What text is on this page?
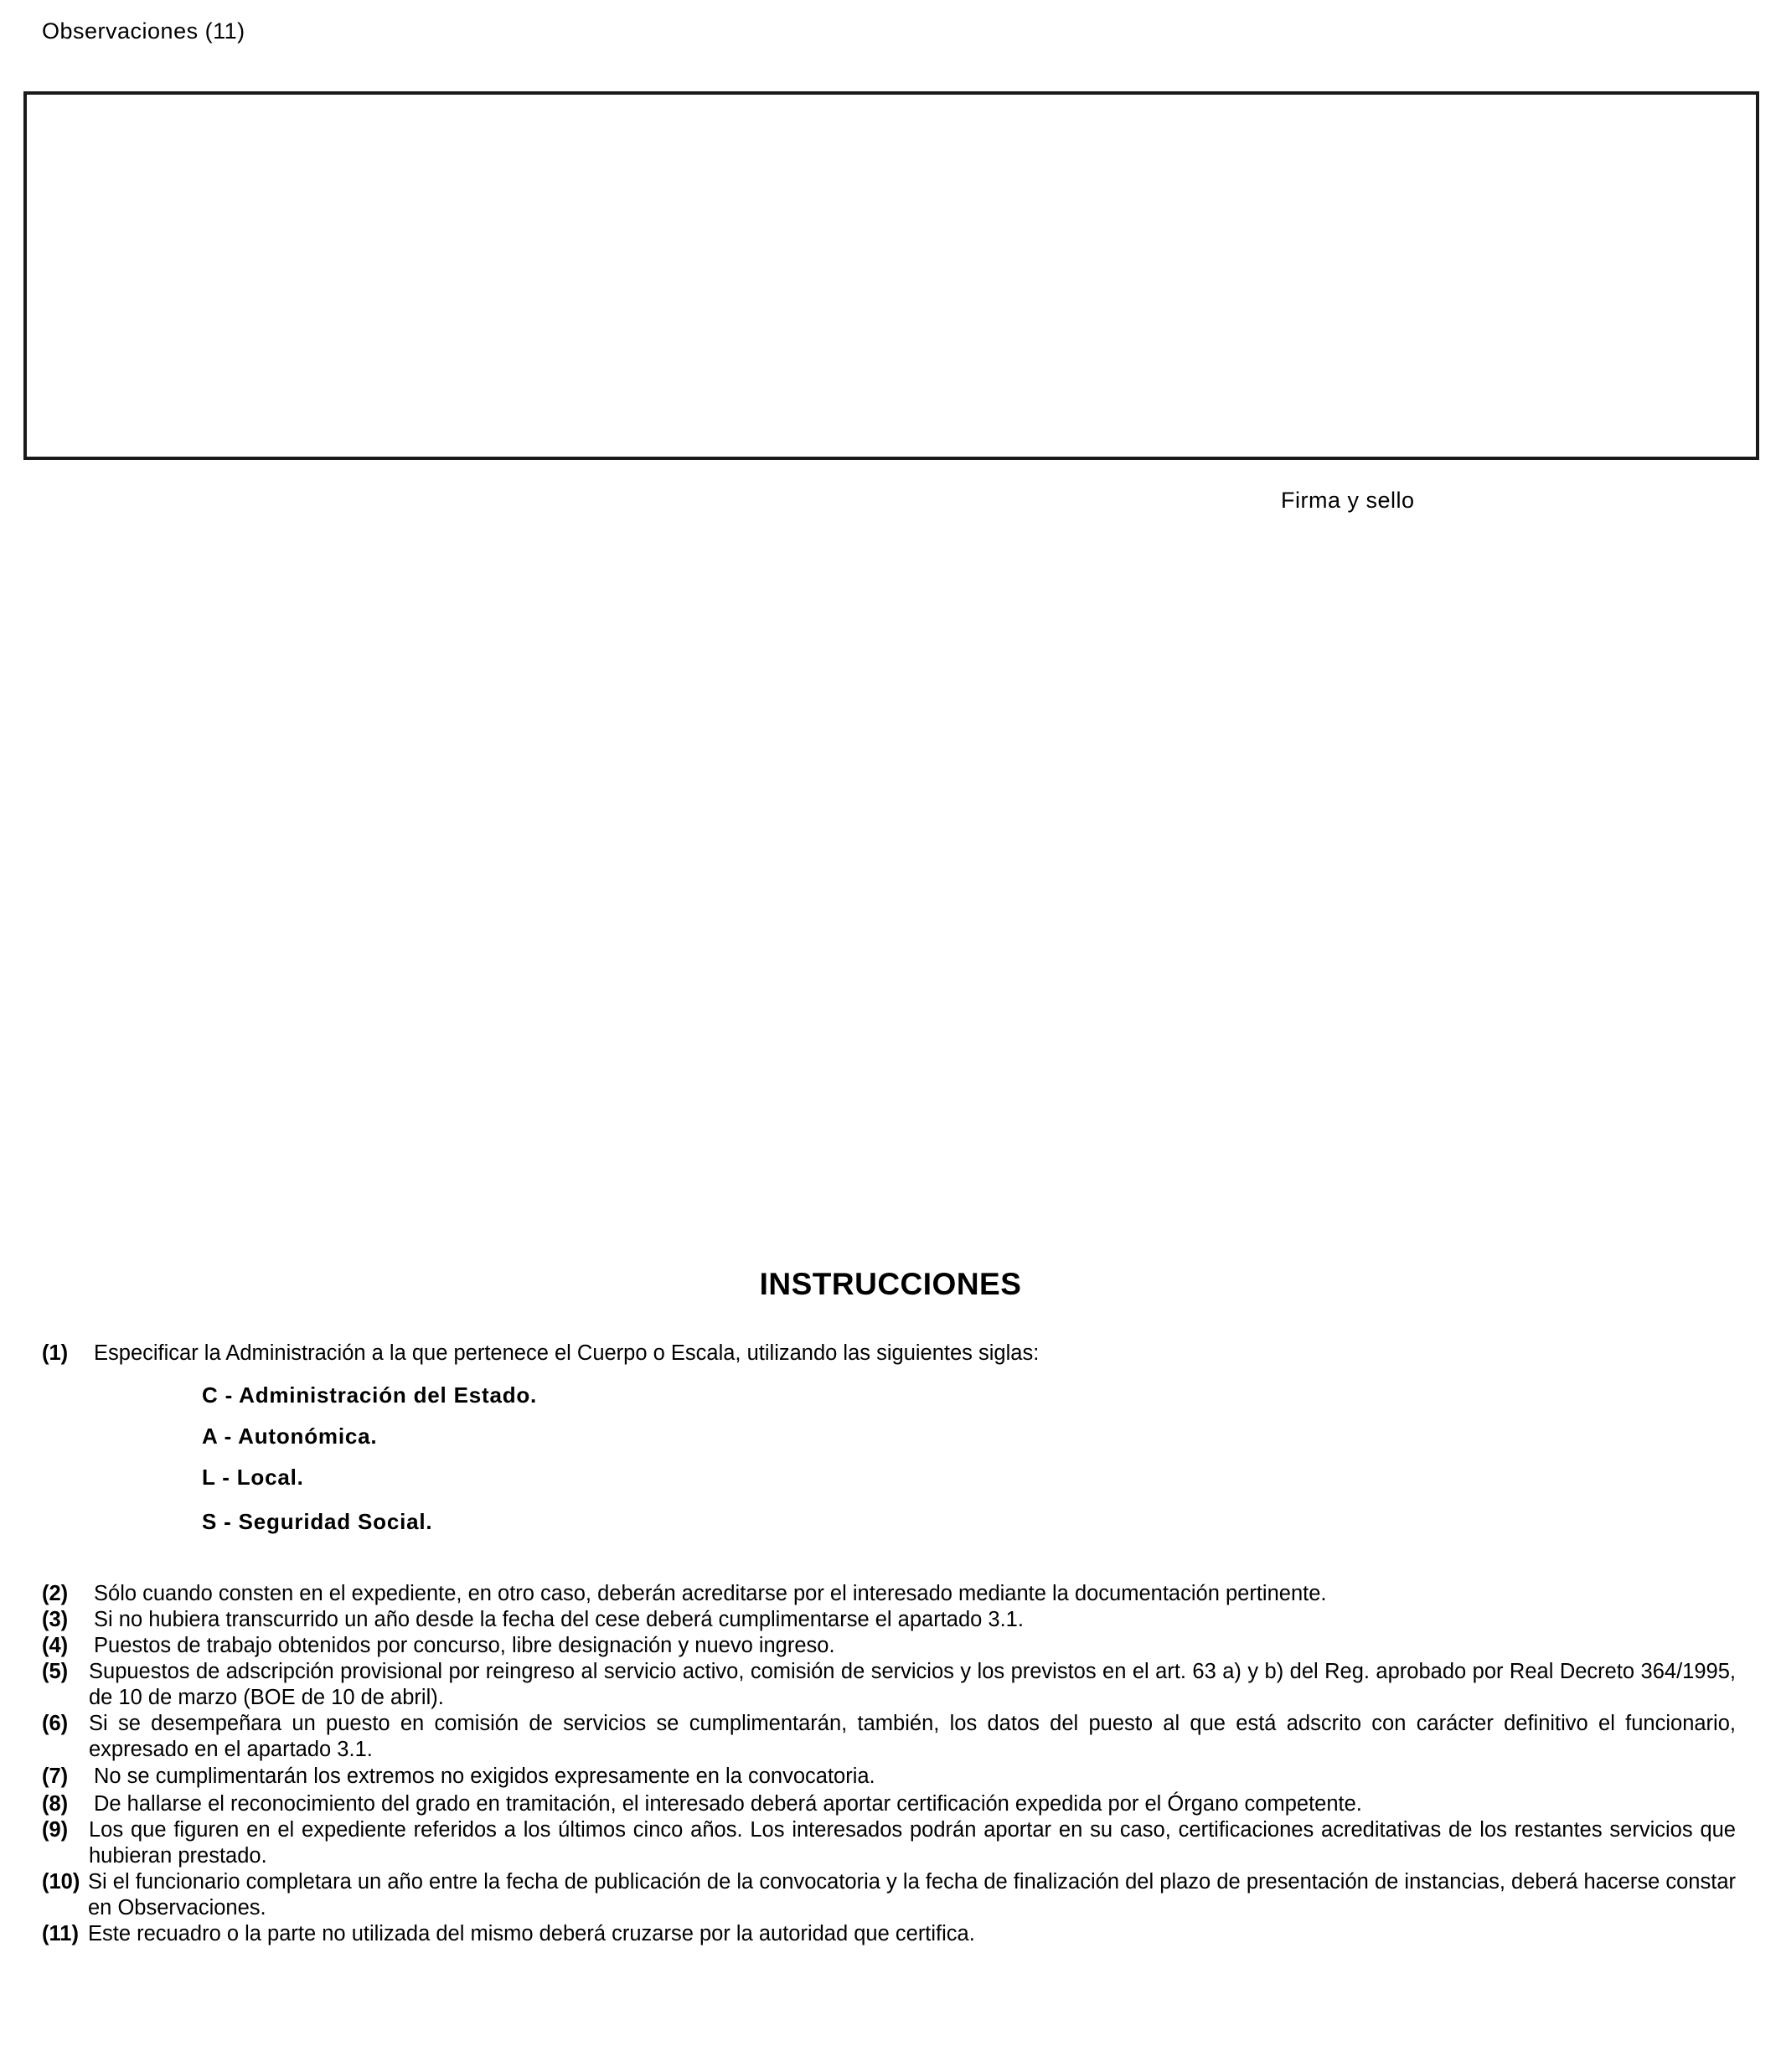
Observaciones (11)
Firma y sello
INSTRUCCIONES
(1) Especificar la Administración a la que pertenece el Cuerpo o Escala, utilizando las siguientes siglas:
C - Administración del Estado.
A - Autonómica.
L - Local.
S - Seguridad Social.
(2) Sólo cuando consten en el expediente, en otro caso, deberán acreditarse por el interesado mediante la documentación pertinente.
(3) Si no hubiera transcurrido un año desde la fecha del cese deberá cumplimentarse el apartado 3.1.
(4) Puestos de trabajo obtenidos por concurso, libre designación y nuevo ingreso.
(5) Supuestos de adscripción provisional por reingreso al servicio activo, comisión de servicios y los previstos en el art. 63 a) y b) del Reg. aprobado por Real Decreto 364/1995, de 10 de marzo (BOE de 10 de abril).
(6) Si se desempeñara un puesto en comisión de servicios se cumplimentarán, también, los datos del puesto al que está adscrito con carácter definitivo el funcionario, expresado en el apartado 3.1.
(7) No se cumplimentarán los extremos no exigidos expresamente en la convocatoria.
(8) De hallarse el reconocimiento del grado en tramitación, el interesado deberá aportar certificación expedida por el Órgano competente.
(9) Los que figuren en el expediente referidos a los últimos cinco años. Los interesados podrán aportar en su caso, certificaciones acreditativas de los restantes servicios que hubieran prestado.
(10) Si el funcionario completara un año entre la fecha de publicación de la convocatoria y la fecha de finalización del plazo de presentación de instancias, deberá hacerse constar en Observaciones.
(11) Este recuadro o la parte no utilizada del mismo deberá cruzarse por la autoridad que certifica.
